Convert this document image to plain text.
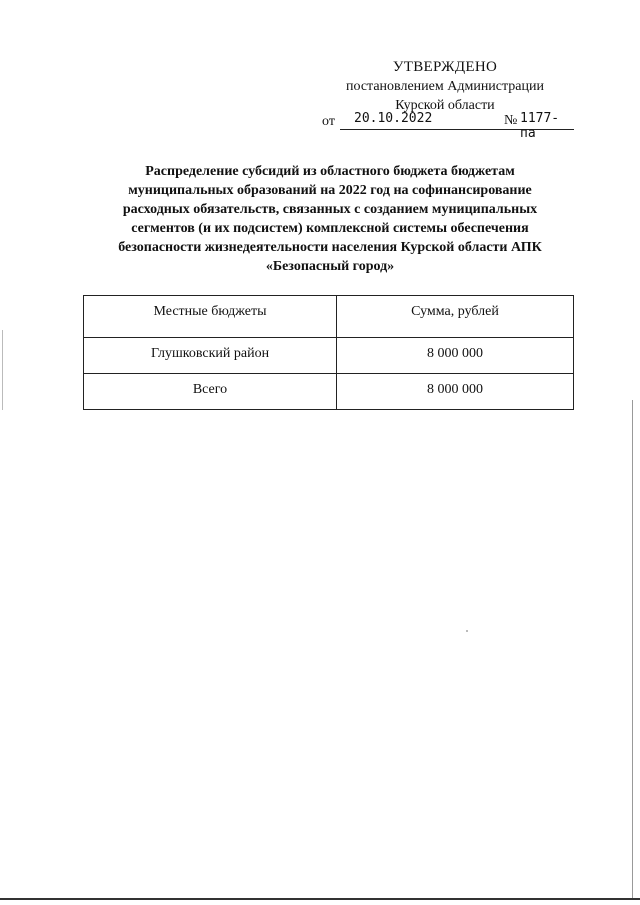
УТВЕРЖДЕНО
постановлением Администрации
Курской области
от 20.10.2022	№ 1177-па
Распределение субсидий из областного бюджета бюджетам
муниципальных образований на 2022 год на софинансирование
расходных обязательств, связанных с созданием муниципальных
сегментов (и их подсистем) комплексной системы обеспечения
безопасности жизнедеятельности населения Курской области АПК
«Безопасный город»
Местные бюджеты	Сумма, рублей
Глушковский район	8 000 000
Всего	8 000 000
